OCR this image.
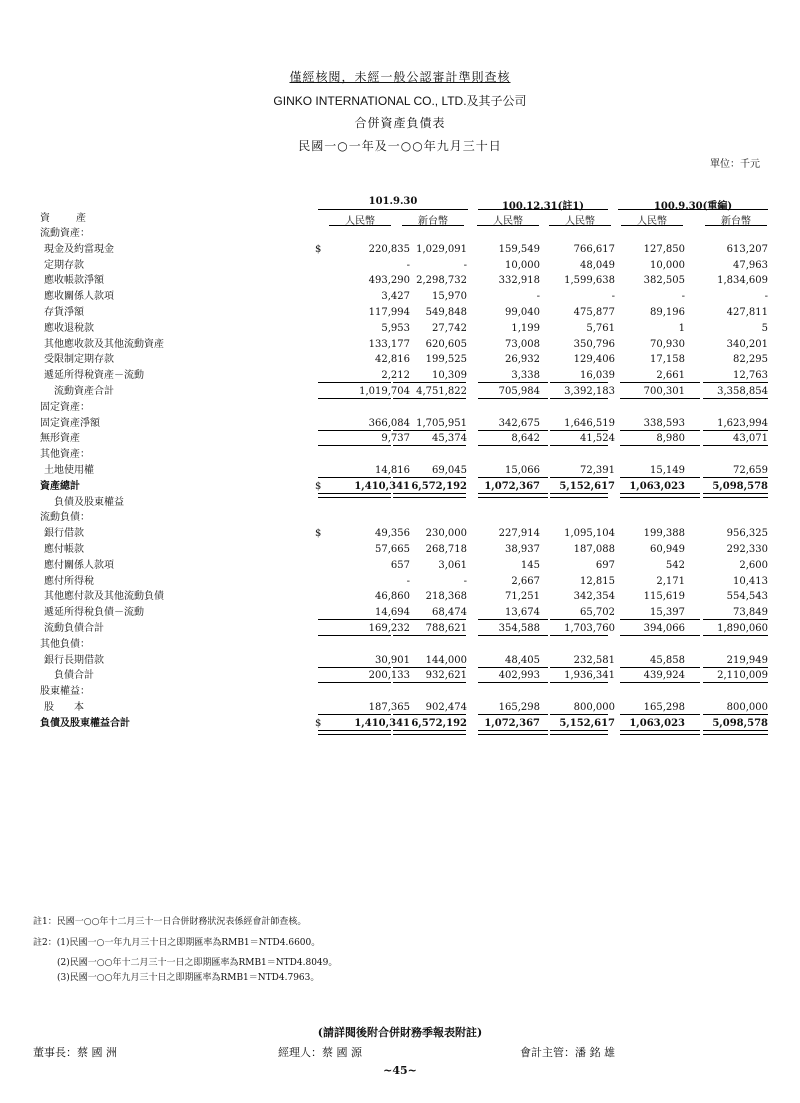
僅經核閱，未經一般公認審計準則查核
GINKO INTERNATIONAL CO., LTD.及其子公司
合併資產負債表
民國一○一年及一○○年九月三十日
單位：千元
101.9.30	100.12.31(註1)	100.9.30(重編)
人民幣	新台幣	人民幣	人民幣	人民幣	新台幣
資　　產
流動資產：
現金及約當現金	$	220,835 1,029,091	159,549	766,617	127,850	613,207
定期存款	-	-	10,000	48,049	10,000	47,963
應收帳款淨額	493,290 2,298,732	332,918	1,599,638	382,505	1,834,609
應收關係人款項	3,427	15,970	-	-	-	-
存貨淨額	117,994	549,848	99,040	475,877	89,196	427,811
應收退稅款	5,953	27,742	1,199	5,761	1	5
其他應收款及其他流動資產	133,177	620,605	73,008	350,796	70,930	340,201
受限制定期存款	42,816	199,525	26,932	129,406	17,158	82,295
遞延所得稅資產－流動	2,212	10,309	3,338	16,039	2,661	12,763
流動資產合計	1,019,704 4,751,822	705,984	3,392,183	700,301	3,358,854
固定資產：
固定資產淨額	366,084 1,705,951	342,675	1,646,519	338,593	1,623,994
無形資產	9,737	45,374	8,642	41,524	8,980	43,071
其他資產：
土地使用權	14,816	69,045	15,066	72,391	15,149	72,659
資產總計	$	1,410,341 6,572,192	1,072,367	5,152,617	1,063,023	5,098,578
負債及股東權益
流動負債：
銀行借款	$	49,356	230,000	227,914	1,095,104	199,388	956,325
應付帳款	57,665	268,718	38,937	187,088	60,949	292,330
應付關係人款項	657	3,061	145	697	542	2,600
應付所得稅	-	-	2,667	12,815	2,171	10,413
其他應付款及其他流動負債	46,860	218,368	71,251	342,354	115,619	554,543
遞延所得稅負債－流動	14,694	68,474	13,674	65,702	15,397	73,849
流動負債合計	169,232	788,621	354,588	1,703,760	394,066	1,890,060
其他負債：
銀行長期借款	30,901	144,000	48,405	232,581	45,858	219,949
負債合計	200,133	932,621	402,993	1,936,341	439,924	2,110,009
股東權益：
股　　本	187,365	902,474	165,298	800,000	165,298	800,000
負債及股東權益合計	$	1,410,341 6,572,192	1,072,367	5,152,617	1,063,023	5,098,578
註1：民國一○○年十二月三十一日合併財務狀況表係經會計師查核。
註2：(1)民國一○一年九月三十日之即期匯率為RMB1＝NTD4.6600。
(2)民國一○○年十二月三十一日之即期匯率為RMB1＝NTD4.8049。
(3)民國一○○年九月三十日之即期匯率為RMB1＝NTD4.7963。
(請詳閱後附合併財務季報表附註)
董事長：蔡 國 洲	經理人：蔡 國 源	會計主管：潘 銘 雄
~45~
